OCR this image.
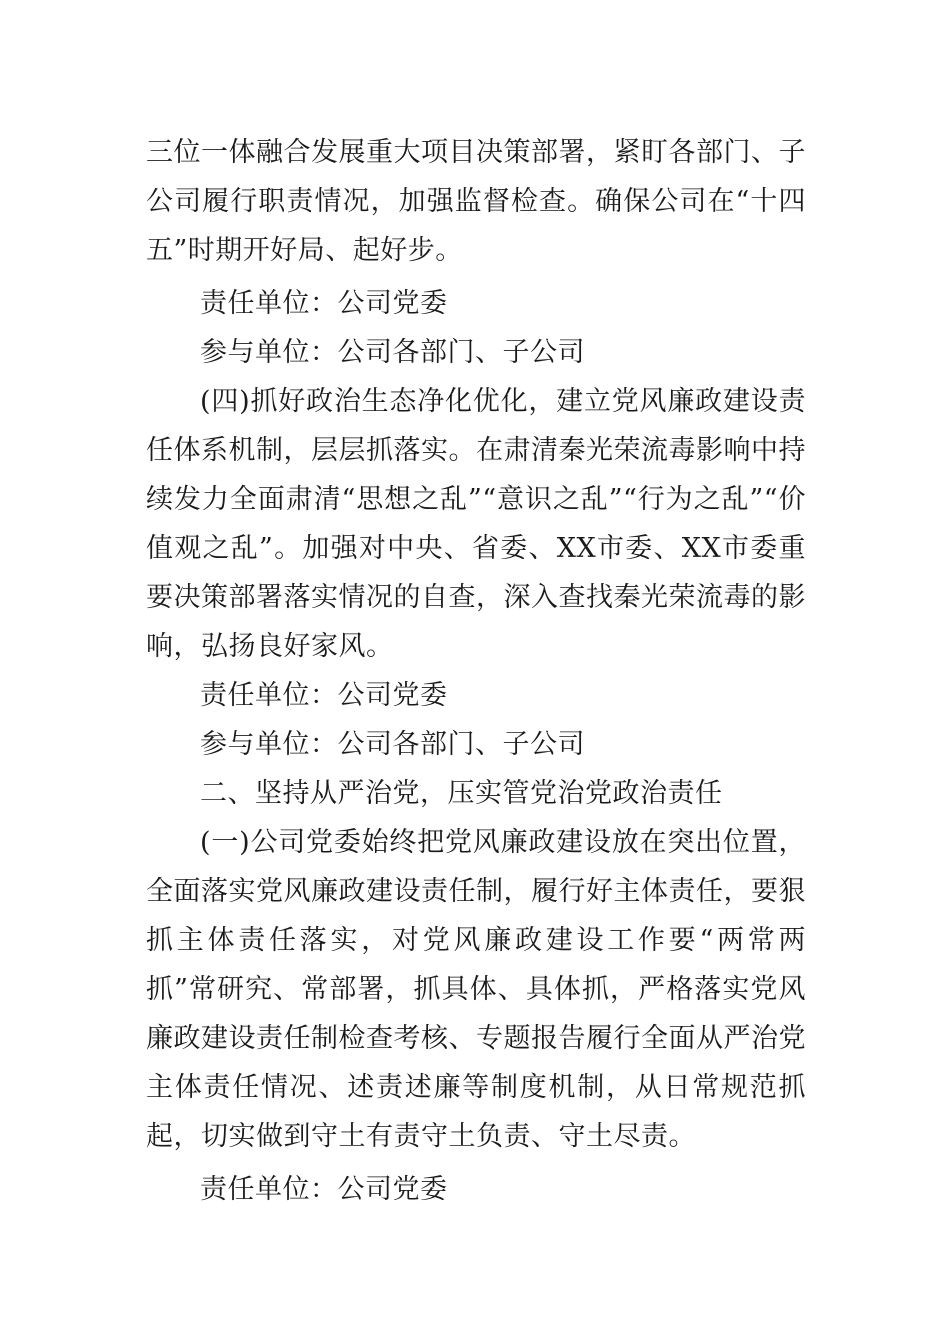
三位一体融合发展重大项目决策部署，紧盯各部门、子公司履行职责情况，加强监督检查。确保公司在“十四五”时期开好局、起好步。

责任单位：公司党委

参与单位：公司各部门、子公司

(四)抓好政治生态净化优化，建立党风廉政建设责任体系机制，层层抓落实。在肃清秦光荣流毒影响中持续发力全面肃清“思想之乱”“意识之乱”“行为之乱”“价值观之乱”。加强对中央、省委、XX市委、XX市委重要决策部署落实情况的自查，深入查找秦光荣流毒的影响，弘扬良好家风。

责任单位：公司党委

参与单位：公司各部门、子公司

二、坚持从严治党，压实管党治党政治责任

(一)公司党委始终把党风廉政建设放在突出位置，全面落实党风廉政建设责任制，履行好主体责任，要狠抓主体责任落实，对党风廉政建设工作要“两常两抓”常研究、常部署，抓具体、具体抓，严格落实党风廉政建设责任制检查考核、专题报告履行全面从严治党主体责任情况、述责述廉等制度机制，从日常规范抓起，切实做到守土有责守土负责、守土尽责。

责任单位：公司党委
